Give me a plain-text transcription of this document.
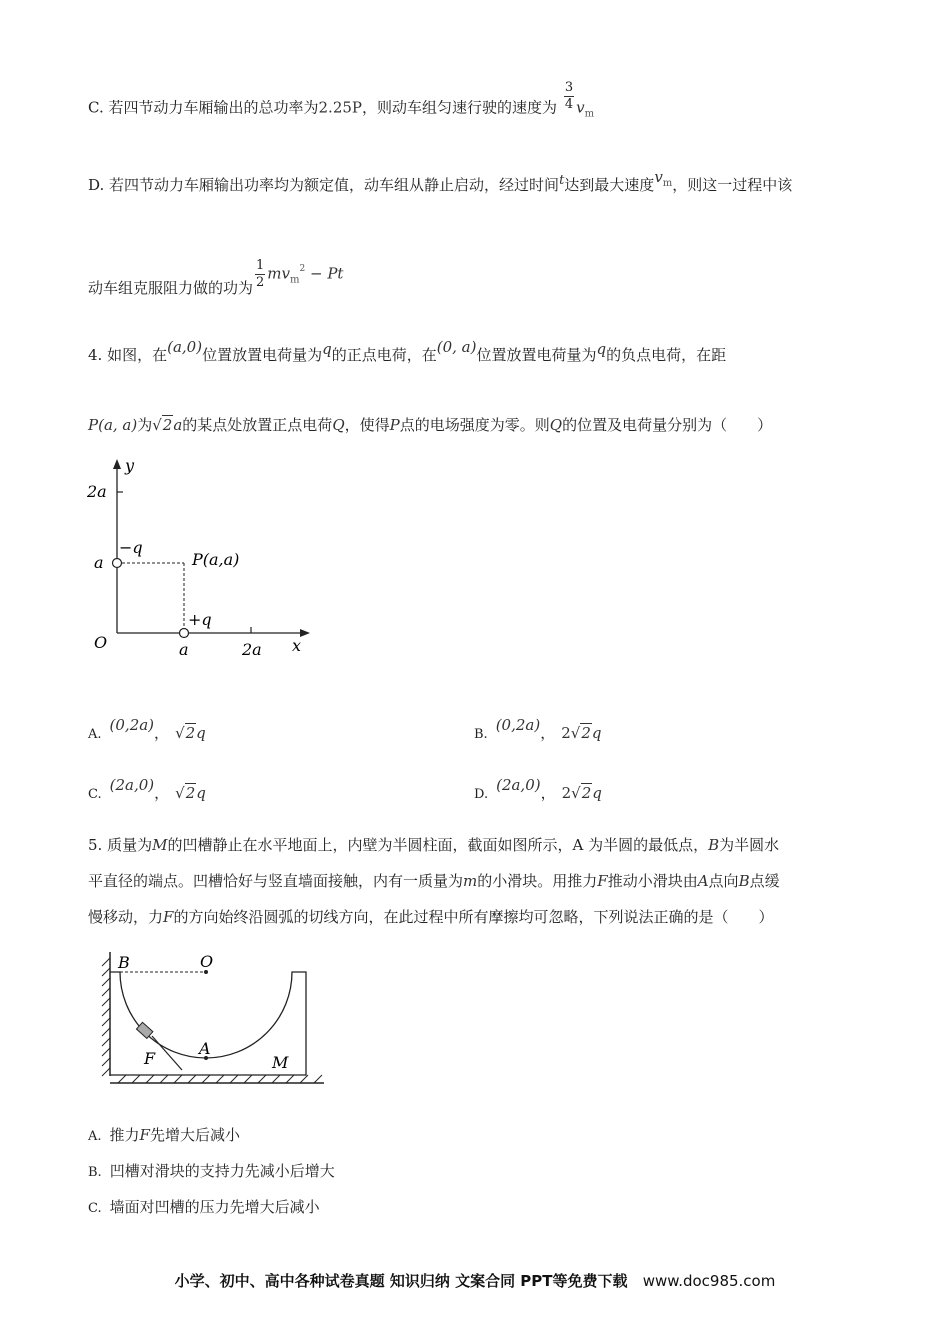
C. 若四节动力车厢输出的总功率为2.25P，则动车组匀速行驶的速度为 $\frac{3}{4} v_m$
D. 若四节动力车厢输出功率均为额定值，动车组从静止启动，经过时间t达到最大速度$v^m$，则这一过程中该
动车组克服阻力做的功为 $\frac{1}{2} mv_m^2 - Pt$
4. 如图，在(a,0)位置放置电荷量为q的正点电荷，在(0, a)位置放置电荷量为q的负点电荷，在距
P(a, a)为√2a的某点处放置正点电荷Q，使得P点的电场强度为零。则Q的位置及电荷量分别为（　　）
y
x
2a
a
−q
P(a,a)
+q
O	a	2a
A.(0,2a)， √2q	B.(0,2a)， 2√2q
C.(2a,0)， √2q	D.(2a,0)， 2√2q
5. 质量为M的凹槽静止在水平地面上，内壁为半圆柱面，截面如图所示，A 为半圆的最低点，B为半圆水
平直径的端点。凹槽恰好与竖直墙面接触，内有一质量为m的小滑块。用推力F推动小滑块由A点向B点缓
慢移动，力F的方向始终沿圆弧的切线方向，在此过程中所有摩擦均可忽略，下列说法正确的是（　　）
B	O
F
A
M
A. 推力F先增大后减小
B. 凹槽对滑块的支持力先减小后增大
C. 墙面对凹槽的压力先增大后减小
小学、初中、高中各种试卷真题 知识归纳 文案合同 PPT等免费下载 www.doc985.com
